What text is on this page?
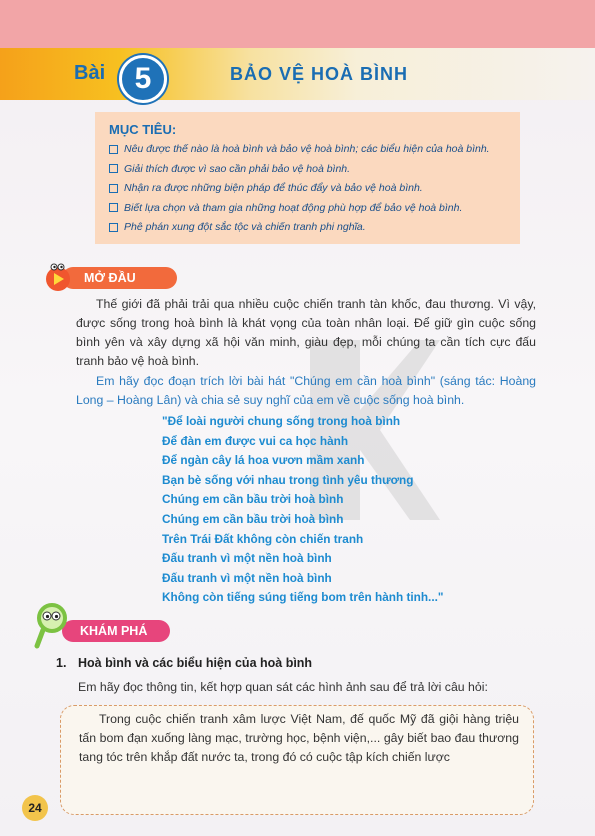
Bài 5	BẢO VỆ HOÀ BÌNH
MỤC TIÊU:
Nêu được thế nào là hoà bình và bảo vệ hoà bình; các biểu hiện của hoà bình.
Giải thích được vì sao cần phải bảo vệ hoà bình.
Nhận ra được những biện pháp để thúc đẩy và bảo vệ hoà bình.
Biết lựa chọn và tham gia những hoạt động phù hợp để bảo vệ hoà bình.
Phê phán xung đột sắc tộc và chiến tranh phi nghĩa.
MỞ ĐẦU
Thế giới đã phải trải qua nhiều cuộc chiến tranh tàn khốc, đau thương. Vì vậy, được sống trong hoà bình là khát vọng của toàn nhân loại. Để giữ gìn cuộc sống bình yên và xây dựng xã hội văn minh, giàu đẹp, mỗi chúng ta cần tích cực đấu tranh bảo vệ hoà bình.
Em hãy đọc đoạn trích lời bài hát "Chúng em cần hoà bình" (sáng tác: Hoàng Long – Hoàng Lân) và chia sẻ suy nghĩ của em về cuộc sống hoà bình.
"Để loài người chung sống trong hoà bình
Để đàn em được vui ca học hành
Để ngàn cây lá hoa vươn mầm xanh
Bạn bè sống với nhau trong tình yêu thương
Chúng em cần bầu trời hoà bình
Chúng em cần bầu trời hoà bình
Trên Trái Đất không còn chiến tranh
Đấu tranh vì một nền hoà bình
Đấu tranh vì một nền hoà bình
Không còn tiếng súng tiếng bom trên hành tinh..."
KHÁM PHÁ
1. Hoà bình và các biểu hiện của hoà bình
Em hãy đọc thông tin, kết hợp quan sát các hình ảnh sau để trả lời câu hỏi:
Trong cuộc chiến tranh xâm lược Việt Nam, đế quốc Mỹ đã giội hàng triệu tấn bom đạn xuống làng mạc, trường học, bệnh viện,... gây biết bao đau thương tang tóc trên khắp đất nước ta, trong đó có cuộc tập kích chiến lược
24
